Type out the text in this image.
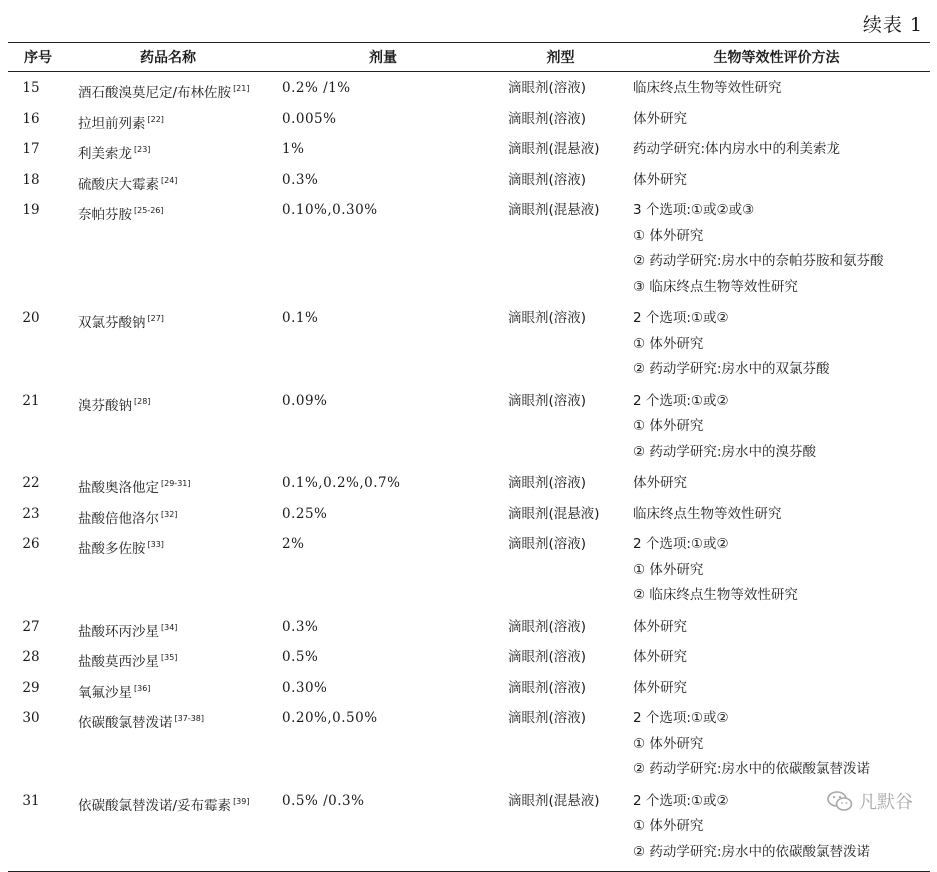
续表 1
序号	药品名称	剂量	剂型	生物等效性评价方法
15	酒石酸溴莫尼定/布林佐胺 [21]	0.2% /1%	滴眼剂(溶液)	临床终点生物等效性研究
16	拉坦前列素 [22]	0.005%	滴眼剂(溶液)	体外研究
17	利美索龙 [23]	1%	滴眼剂(混悬液)	药动学研究:体内房水中的利美索龙
18	硫酸庆大霉素 [24]	0.3%	滴眼剂(溶液)	体外研究
19	奈帕芬胺 [25-26]	0.10%,0.30%	滴眼剂(混悬液)	3 个选项:①或②或③
① 体外研究
② 药动学研究:房水中的奈帕芬胺和氨芬酸
③ 临床终点生物等效性研究
20	双氯芬酸钠 [27]	0.1%	滴眼剂(溶液)	2 个选项:①或②
① 体外研究
② 药动学研究:房水中的双氯芬酸
21	溴芬酸钠 [28]	0.09%	滴眼剂(溶液)	2 个选项:①或②
① 体外研究
② 药动学研究:房水中的溴芬酸
22	盐酸奥洛他定 [29-31]	0.1%,0.2%,0.7%	滴眼剂(溶液)	体外研究
23	盐酸倍他洛尔 [32]	0.25%	滴眼剂(混悬液)	临床终点生物等效性研究
26	盐酸多佐胺 [33]	2%	滴眼剂(溶液)	2 个选项:①或②
① 体外研究
② 临床终点生物等效性研究
27	盐酸环丙沙星 [34]	0.3%	滴眼剂(溶液)	体外研究
28	盐酸莫西沙星 [35]	0.5%	滴眼剂(溶液)	体外研究
29	氧氟沙星 [36]	0.30%	滴眼剂(溶液)	体外研究
30	依碳酸氯替泼诺 [37-38]	0.20%,0.50%	滴眼剂(溶液)	2 个选项:①或②
① 体外研究
② 药动学研究:房水中的依碳酸氯替泼诺
31	依碳酸氯替泼诺/妥布霉素 [39]	0.5% /0.3%	滴眼剂(混悬液)	2 个选项:①或②
① 体外研究
② 药动学研究:房水中的依碳酸氯替泼诺
凡默谷
